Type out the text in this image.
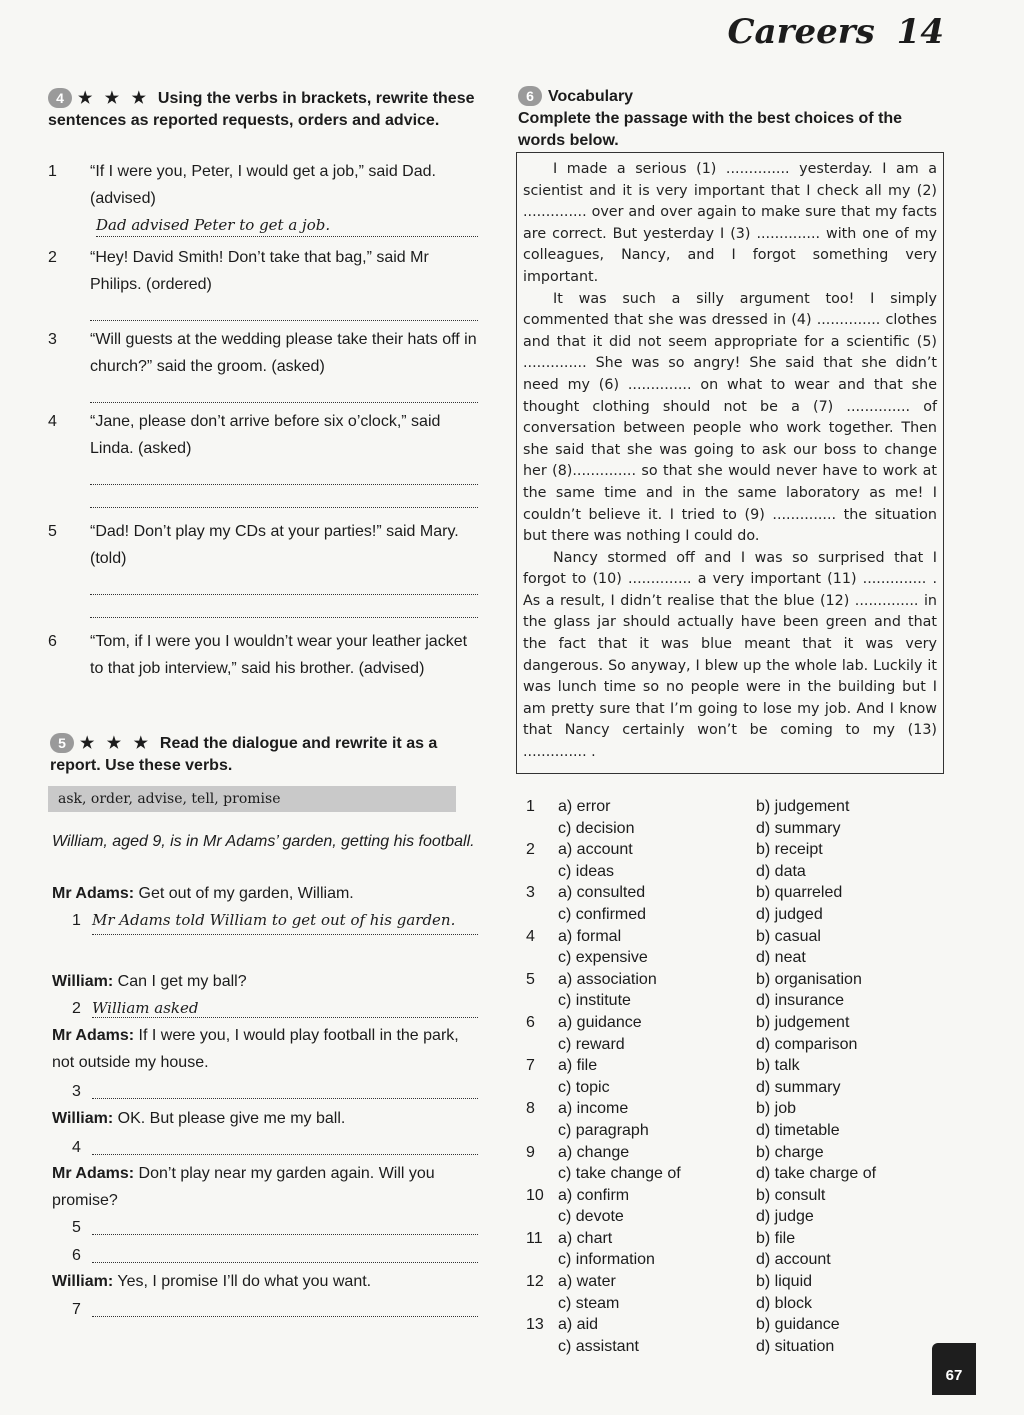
Careers 14
4 ★ ★ ★ Using the verbs in brackets, rewrite these sentences as reported requests, orders and advice.
1 “If I were you, Peter, I would get a job,” said Dad. (advised)
Dad advised Peter to get a job.
2 “Hey! David Smith! Don’t take that bag,” said Mr Philips. (ordered)
3 “Will guests at the wedding please take their hats off in church?” said the groom. (asked)
4 “Jane, please don’t arrive before six o’clock,” said Linda. (asked)
5 “Dad! Don’t play my CDs at your parties!” said Mary. (told)
6 “Tom, if I were you I wouldn’t wear your leather jacket to that job interview,” said his brother. (advised)
5 ★ ★ ★ Read the dialogue and rewrite it as a report. Use these verbs.
ask, order, advise, tell, promise
William, aged 9, is in Mr Adams’ garden, getting his football.
Mr Adams: Get out of my garden, William.
1 Mr Adams told William to get out of his garden.
William: Can I get my ball?
2 William asked
Mr Adams: If I were you, I would play football in the park, not outside my house.
3
William: OK. But please give me my ball.
4
Mr Adams: Don’t play near my garden again. Will you promise?
5
6
William: Yes, I promise I’ll do what you want.
7
6 Vocabulary
Complete the passage with the best choices of the words below.

I made a serious (1) .............. yesterday. I am a scientist and it is very important that I check all my (2) .............. over and over again to make sure that my facts are correct. But yesterday I (3) .............. with one of my colleagues, Nancy, and I forgot something very important.

It was such a silly argument too! I simply commented that she was dressed in (4) .............. clothes and that it did not seem appropriate for a scientific (5) .............. She was so angry! She said that she didn’t need my (6) .............. on what to wear and that she thought clothing should not be a (7) .............. of conversation between people who work together. Then she said that she was going to ask our boss to change her (8).............. so that she would never have to work at the same time and in the same laboratory as me! I couldn’t believe it. I tried to (9) .............. the situation but there was nothing I could do.

Nancy stormed off and I was so surprised that I forgot to (10) .............. a very important (11) .............. . As a result, I didn’t realise that the blue (12) .............. in the glass jar should actually have been green and that the fact that it was blue meant that it was very dangerous. So anyway, I blew up the whole lab. Luckily it was lunch time so no people were in the building but I am pretty sure that I’m going to lose my job. And I know that Nancy certainly won’t be coming to my (13) .............. .

1 a) error	b) judgement
c) decision	d) summary
2 a) account	b) receipt
c) ideas	d) data
3 a) consulted	b) quarreled
c) confirmed	d) judged
4 a) formal	b) casual
c) expensive	d) neat
5 a) association	b) organisation
c) institute	d) insurance
6 a) guidance	b) judgement
c) reward	d) comparison
7 a) file	b) talk
c) topic	d) summary
8 a) income	b) job
c) paragraph	d) timetable
9 a) change	b) charge
c) take change of	d) take charge of
10 a) confirm	b) consult
c) devote	d) judge
11 a) chart	b) file
c) information	d) account
12 a) water	b) liquid
c) steam	d) block
13 a) aid	b) guidance
c) assistant	d) situation
67
